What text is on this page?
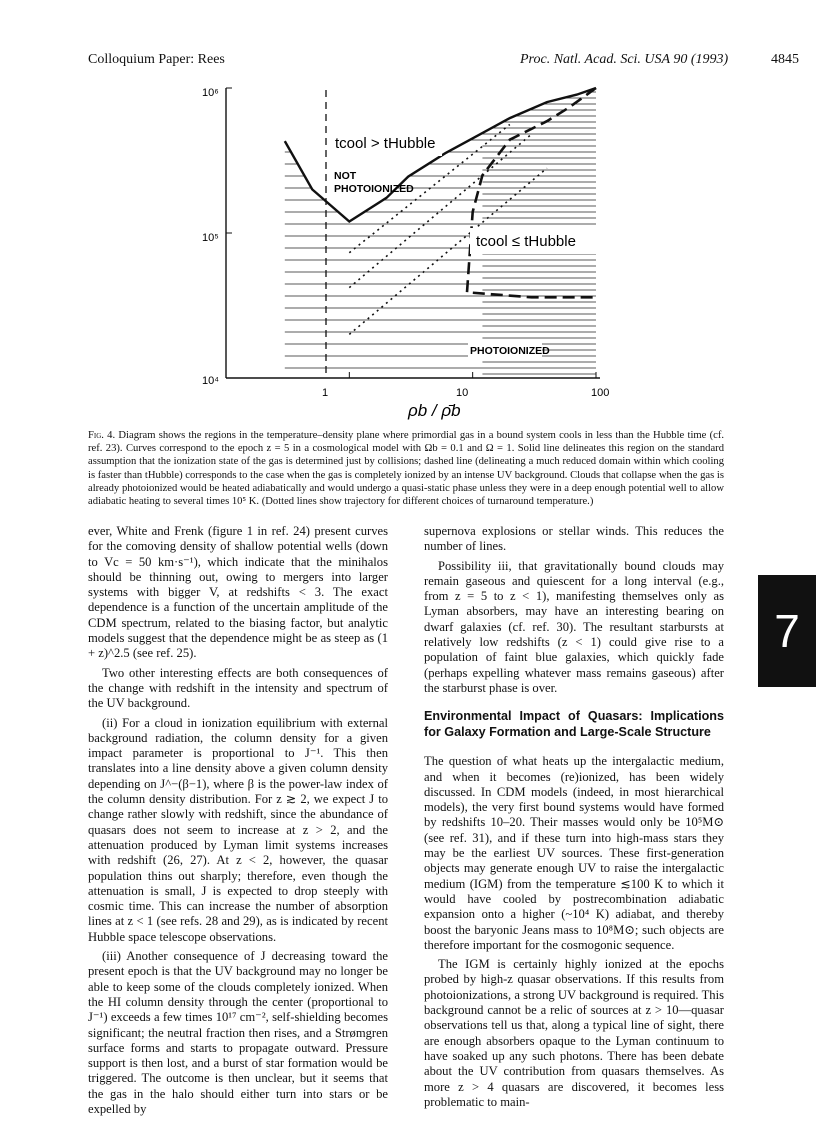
Colloquium Paper: Rees	Proc. Natl. Acad. Sci. USA 90 (1993)	4845
10⁶
10⁵
10⁴
1	10	100
ρb / ρ̄b
tcool > tHubble
NOT
PHOTOIONIZED
tcool ≤ tHubble
PHOTOIONIZED
Fig. 4. Diagram shows the regions in the temperature–density plane where primordial gas in a bound system cools in less than the Hubble time (cf. ref. 23). Curves correspond to the epoch z = 5 in a cosmological model with Ωb = 0.1 and Ω = 1. Solid line delineates this region on the standard assumption that the ionization state of the gas is determined just by collisions; dashed line (delineating a much reduced domain within which cooling is faster than tHubble) corresponds to the case when the gas is completely ionized by an intense UV background. Clouds that collapse when the gas is already photoionized would be heated adiabatically and would undergo a quasi-static phase unless they were in a deep enough potential well to allow adiabatic heating to several times 10⁵ K. (Dotted lines show trajectory for different choices of turnaround temperature.)

ever, White and Frenk (figure 1 in ref. 24) present curves for the comoving density of shallow potential wells (down to Vc = 50 km·s⁻¹), which indicate that the minihalos should be thinning out, owing to mergers into larger systems with bigger V, at redshifts < 3. The exact dependence is a function of the uncertain amplitude of the CDM spectrum, related to the biasing factor, but analytic models suggest that the dependence might be as steep as (1 + z)^2.5 (see ref. 25).

Two other interesting effects are both consequences of the change with redshift in the intensity and spectrum of the UV background.

(ii) For a cloud in ionization equilibrium with external background radiation, the column density for a given impact parameter is proportional to J⁻¹. This then translates into a line density above a given column density depending on J^−(β−1), where β is the power-law index of the column density distribution. For z ≳ 2, we expect J to change rather slowly with redshift, since the abundance of quasars does not seem to increase at z > 2, and the attenuation produced by Lyman limit systems increases with redshift (26, 27). At z < 2, however, the quasar population thins out sharply; therefore, even though the attenuation is small, J is expected to drop steeply with cosmic time. This can increase the number of absorption lines at z < 1 (see refs. 28 and 29), as is indicated by recent Hubble space telescope observations.

(iii) Another consequence of J decreasing toward the present epoch is that the UV background may no longer be able to keep some of the clouds completely ionized. When the HI column density through the center (proportional to J⁻¹) exceeds a few times 10¹⁷ cm⁻², self-shielding becomes significant; the neutral fraction then rises, and a Strømgren surface forms and starts to propagate outward. Pressure support is then lost, and a burst of star formation would be triggered. The outcome is then unclear, but it seems that the gas in the halo should either turn into stars or be expelled by

supernova explosions or stellar winds. This reduces the number of lines.

Possibility iii, that gravitationally bound clouds may remain gaseous and quiescent for a long interval (e.g., from z = 5 to z < 1), manifesting themselves only as Lyman absorbers, may have an interesting bearing on dwarf galaxies (cf. ref. 30). The resultant starbursts at relatively low redshifts (z < 1) could give rise to a population of faint blue galaxies, which quickly fade (perhaps expelling whatever mass remains gaseous) after the starburst phase is over.

Environmental Impact of Quasars: Implications for Galaxy Formation and Large-Scale Structure

The question of what heats up the intergalactic medium, and when it becomes (re)ionized, has been widely discussed. In CDM models (indeed, in most hierarchical models), the very first bound systems would have formed by redshifts 10–20. Their masses would only be 10⁵M⊙ (see ref. 31), and if these turn into high-mass stars they may be the earliest UV sources. These first-generation objects may generate enough UV to raise the intergalactic medium (IGM) from the temperature ≲100 K to which it would have cooled by postrecombination adiabatic expansion onto a higher (~10⁴ K) adiabat, and thereby boost the baryonic Jeans mass to 10⁸M⊙; such objects are therefore important for the cosmogonic sequence.

The IGM is certainly highly ionized at the epochs probed by high-z quasar observations. If this results from photoionizations, a strong UV background is required. This background cannot be a relic of sources at z > 10—quasar observations tell us that, along a typical line of sight, there are enough absorbers opaque to the Lyman continuum to have soaked up any such photons. There has been debate about the UV contribution from quasars themselves. As more z > 4 quasars are discovered, it becomes less problematic to main-

7
